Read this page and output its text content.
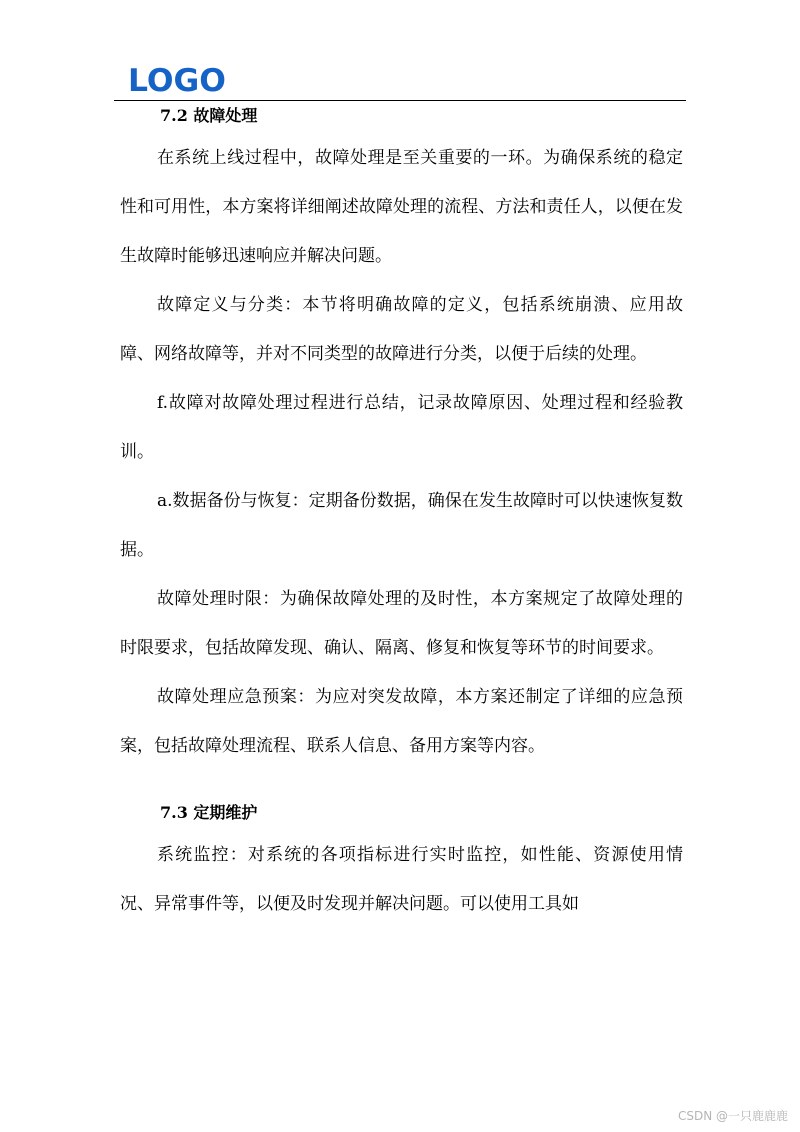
LOGO

7.2 故障处理

在系统上线过程中，故障处理是至关重要的一环。为确保系统的稳定性和可用性，本方案将详细阐述故障处理的流程、方法和责任人，以便在发生故障时能够迅速响应并解决问题。

故障定义与分类：本节将明确故障的定义，包括系统崩溃、应用故障、网络故障等，并对不同类型的故障进行分类，以便于后续的处理。

f.故障对故障处理过程进行总结，记录故障原因、处理过程和经验教训。

a.数据备份与恢复：定期备份数据，确保在发生故障时可以快速恢复数据。

故障处理时限：为确保故障处理的及时性，本方案规定了故障处理的时限要求，包括故障发现、确认、隔离、修复和恢复等环节的时间要求。

故障处理应急预案：为应对突发故障，本方案还制定了详细的应急预案，包括故障处理流程、联系人信息、备用方案等内容。

7.3 定期维护

系统监控：对系统的各项指标进行实时监控，如性能、资源使用情况、异常事件等，以便及时发现并解决问题。可以使用工具如

CSDN @一只鹿鹿鹿
